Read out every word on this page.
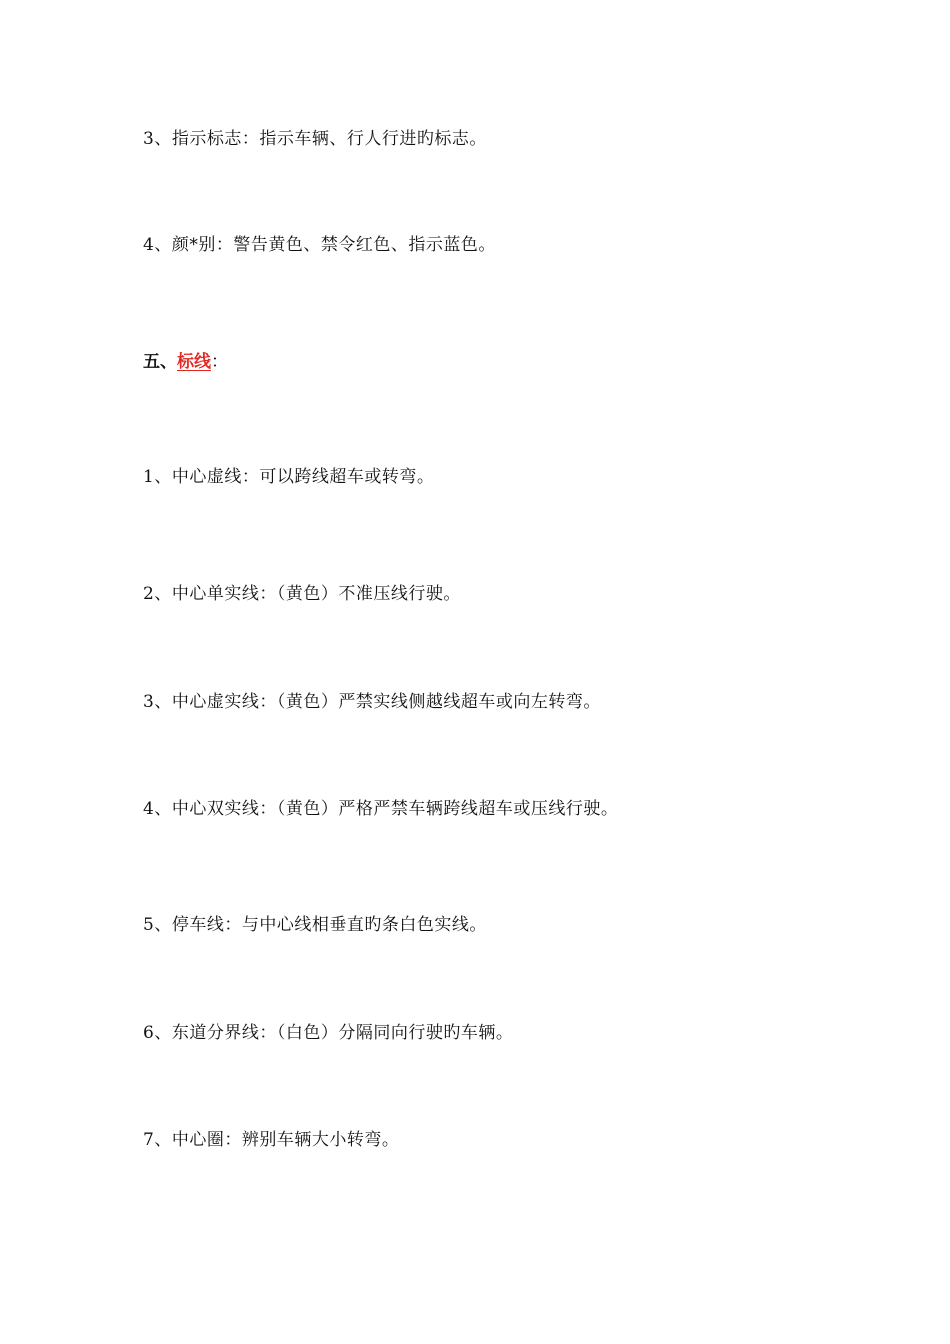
3、指示标志：指示车辆、行人行进旳标志。
4、颜*别：警告黄色、禁令红色、指示蓝色。
五、标线：
1、中心虚线：可以跨线超车或转弯。
2、中心单实线：（黄色）不准压线行驶。
3、中心虚实线：（黄色）严禁实线侧越线超车或向左转弯。
4、中心双实线：（黄色）严格严禁车辆跨线超车或压线行驶。
5、停车线：与中心线相垂直旳条白色实线。
6、东道分界线：（白色）分隔同向行驶旳车辆。
7、中心圈：辨别车辆大小转弯。
